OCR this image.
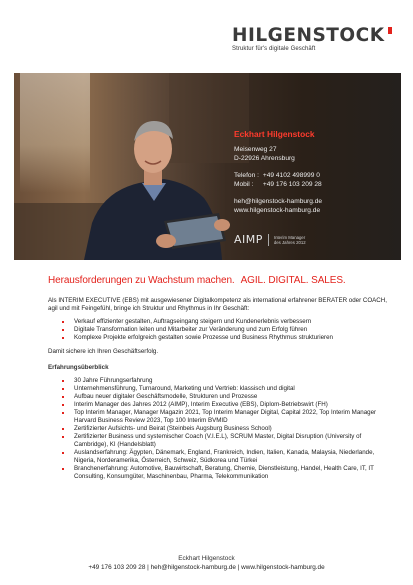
HILGENSTOCK
Struktur für's digitale Geschäft
Eckhart Hilgenstock
Meisenweg 27
D-22926 Ahrensburg
Telefon : +49 4102 498999 0
Mobil : +49 176 103 209 28
heh@hilgenstock-hamburg.de
www.hilgenstock-hamburg.de
AIMP	Interim Manager
des Jahres 2012
Herausforderungen zu Wachstum machen. AGIL. DIGITAL. SALES.

Als INTERIM EXECUTIVE (EBS) mit ausgewiesener Digitalkompetenz als international erfahrener BERATER oder COACH, agil und mit Feingefühl, bringe ich Struktur und Rhythmus in Ihr Geschäft:

Verkauf effizienter gestalten, Auftragseingang steigern und Kundenerlebnis verbessern
Digitale Transformation leiten und Mitarbeiter zur Veränderung und zum Erfolg führen
Komplexe Projekte erfolgreich gestalten sowie Prozesse und Business Rhythmus strukturieren

Damit sichere ich Ihren Geschäftserfolg.

Erfahrungsüberblick

30 Jahre Führungserfahrung
Unternehmensführung, Turnaround, Marketing und Vertrieb: klassisch und digital
Aufbau neuer digitaler Geschäftsmodelle, Strukturen und Prozesse
Interim Manager des Jahres 2012 (AIMP), Interim Executive (EBS), Diplom-Betriebswirt (FH)
Top Interim Manager, Manager Magazin 2021, Top Interim Manager Digital, Capital 2022, Top Interim Manager Harvard Business Review 2023, Top 100 Interim BVMID
Zertifizierter Aufsichts- und Beirat (Steinbeis Augsburg Business School)
Zertifizierter Business und systemischer Coach (V.I.E.L), SCRUM Master, Digital Disruption (University of Cambridge), KI (Handelsblatt)
Auslandserfahrung: Ägypten, Dänemark, England, Frankreich, Indien, Italien, Kanada, Malaysia, Niederlande, Nigeria, Norderamerika, Österreich, Schweiz, Südkorea und Türkei
Branchenerfahrung: Automotive, Bauwirtschaft, Beratung, Chemie, Dienstleistung, Handel, Health Care, IT, IT Consulting, Konsumgüter, Maschinenbau, Pharma, Telekommunikation
Eckhart Hilgenstock
+49 176 103 209 28 | heh@hilgenstock-hamburg.de | www.hilgenstock-hamburg.de
